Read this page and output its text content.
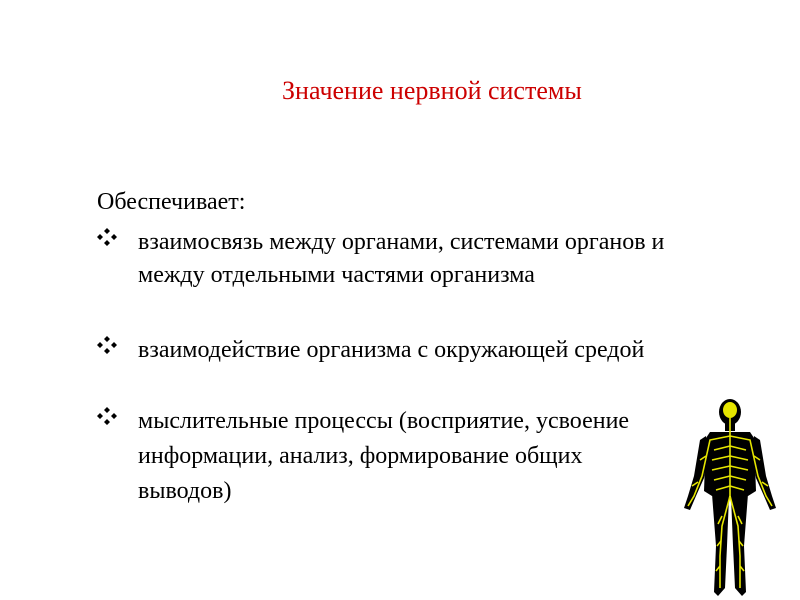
Значение нервной системы
Обеспечивает:
взаимосвязь между органами, системами органов и
между отдельными частями организма
взаимодействие организма с окружающей средой
мыслительные процессы (восприятие, усвоение
информации, анализ, формирование общих
выводов)
